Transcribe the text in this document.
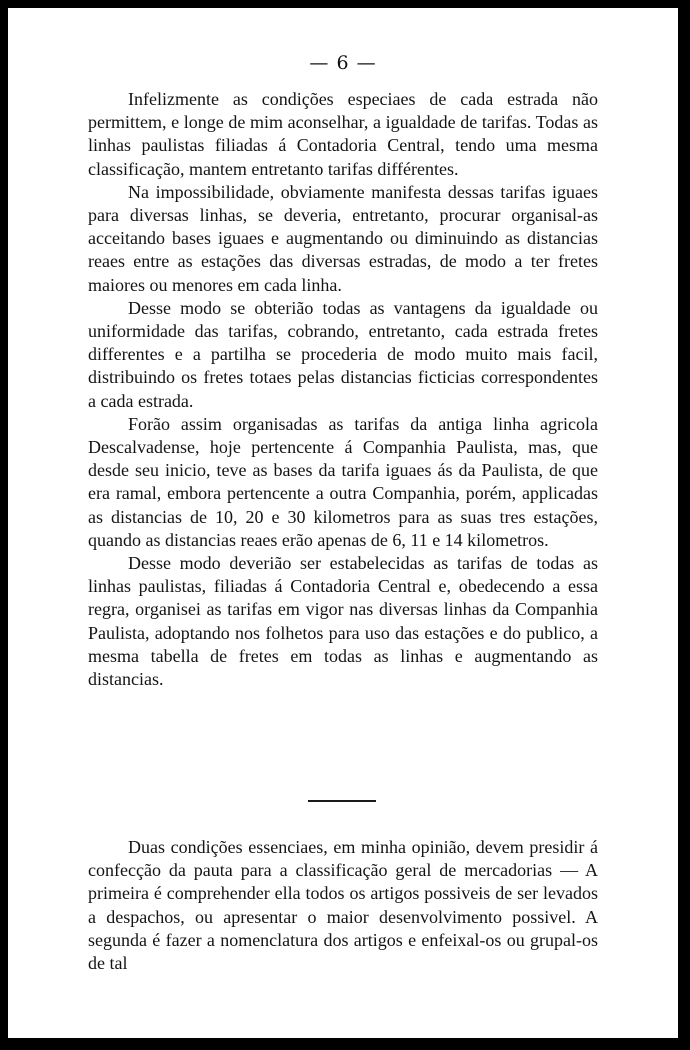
— 6 —

Infelizmente as condições especiaes de cada estrada não permittem, e longe de mim aconselhar, a igualdade de tarifas. Todas as linhas paulistas filiadas á Contadoria Central, tendo uma mesma classificação, mantem entretanto tarifas différentes.

Na impossibilidade, obviamente manifesta dessas tarifas iguaes para diversas linhas, se deveria, entretanto, procurar organisal-as acceitando bases iguaes e augmentando ou diminuindo as distancias reaes entre as estações das diversas estradas, de modo a ter fretes maiores ou menores em cada linha.

Desse modo se obterião todas as vantagens da igualdade ou uniformidade das tarifas, cobrando, entretanto, cada estrada fretes differentes e a partilha se procederia de modo muito mais facil, distribuindo os fretes totaes pelas distancias ficticias correspondentes a cada estrada.

Forão assim organisadas as tarifas da antiga linha agricola Descalvadense, hoje pertencente á Companhia Paulista, mas, que desde seu inicio, teve as bases da tarifa iguaes ás da Paulista, de que era ramal, embora pertencente a outra Companhia, porém, applicadas as distancias de 10, 20 e 30 kilometros para as suas tres estações, quando as distancias reaes erão apenas de 6, 11 e 14 kilometros.

Desse modo deverião ser estabelecidas as tarifas de todas as linhas paulistas, filiadas á Contadoria Central e, obedecendo a essa regra, organisei as tarifas em vigor nas diversas linhas da Companhia Paulista, adoptando nos folhetos para uso das estações e do publico, a mesma tabella de fretes em todas as linhas e augmentando as distancias.

Duas condições essenciaes, em minha opinião, devem presidir á confecção da pauta para a classificação geral de mercadorias — A primeira é comprehender ella todos os artigos possiveis de ser levados a despachos, ou apresentar o maior desenvolvimento possivel. A segunda é fazer a nomenclatura dos artigos e enfeixal-os ou grupal-os de tal
